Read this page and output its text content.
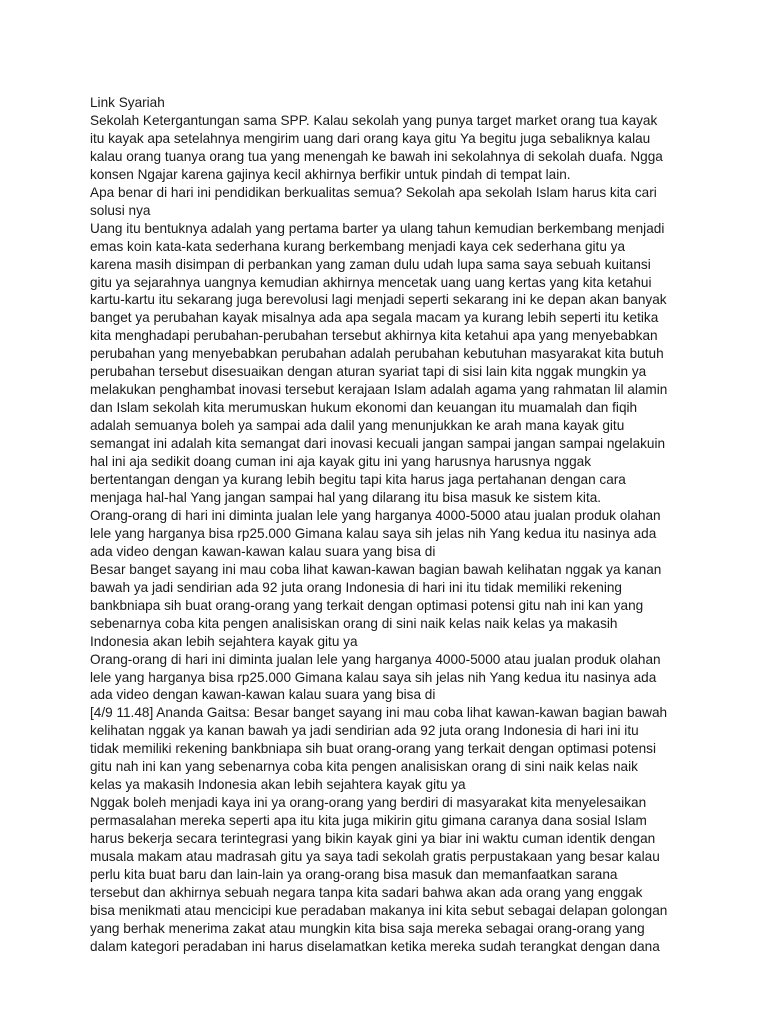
Link Syariah
Sekolah Ketergantungan sama SPP. Kalau sekolah yang punya target market orang tua kayak
itu kayak apa setelahnya mengirim uang dari orang kaya gitu Ya begitu juga sebaliknya kalau
kalau orang tuanya orang tua yang menengah ke bawah ini sekolahnya di sekolah duafa. Ngga
konsen Ngajar karena gajinya kecil akhirnya berfikir untuk pindah di tempat lain.
Apa benar di hari ini pendidikan berkualitas semua? Sekolah apa sekolah Islam harus kita cari
solusi nya
Uang itu bentuknya adalah yang pertama barter ya ulang tahun kemudian berkembang menjadi
emas koin kata-kata sederhana kurang berkembang menjadi kaya cek sederhana gitu ya
karena masih disimpan di perbankan yang zaman dulu udah lupa sama saya sebuah kuitansi
gitu ya sejarahnya uangnya kemudian akhirnya mencetak uang uang kertas yang kita ketahui
kartu-kartu itu sekarang juga berevolusi lagi menjadi seperti sekarang ini ke depan akan banyak
banget ya perubahan kayak misalnya ada apa segala macam ya kurang lebih seperti itu ketika
kita menghadapi perubahan-perubahan tersebut akhirnya kita ketahui apa yang menyebabkan
perubahan yang menyebabkan perubahan adalah perubahan kebutuhan masyarakat kita butuh
perubahan tersebut disesuaikan dengan aturan syariat tapi di sisi lain kita nggak mungkin ya
melakukan penghambat inovasi tersebut kerajaan Islam adalah agama yang rahmatan lil alamin
dan Islam sekolah kita merumuskan hukum ekonomi dan keuangan itu muamalah dan fiqih
adalah semuanya boleh ya sampai ada dalil yang menunjukkan ke arah mana kayak gitu
semangat ini adalah kita semangat dari inovasi kecuali jangan sampai jangan sampai ngelakuin
hal ini aja sedikit doang cuman ini aja kayak gitu ini yang harusnya harusnya nggak
bertentangan dengan ya kurang lebih begitu tapi kita harus jaga pertahanan dengan cara
menjaga hal-hal Yang jangan sampai hal yang dilarang itu bisa masuk ke sistem kita.
Orang-orang di hari ini diminta jualan lele yang harganya 4000-5000 atau jualan produk olahan
lele yang harganya bisa rp25.000 Gimana kalau saya sih jelas nih Yang kedua itu nasinya ada
ada video dengan kawan-kawan kalau suara yang bisa di
Besar banget sayang ini mau coba lihat kawan-kawan bagian bawah kelihatan nggak ya kanan
bawah ya jadi sendirian ada 92 juta orang Indonesia di hari ini itu tidak memiliki rekening
bankbniapa sih buat orang-orang yang terkait dengan optimasi potensi gitu nah ini kan yang
sebenarnya coba kita pengen analisiskan orang di sini naik kelas naik kelas ya makasih
Indonesia akan lebih sejahtera kayak gitu ya
Orang-orang di hari ini diminta jualan lele yang harganya 4000-5000 atau jualan produk olahan
lele yang harganya bisa rp25.000 Gimana kalau saya sih jelas nih Yang kedua itu nasinya ada
ada video dengan kawan-kawan kalau suara yang bisa di
[4/9 11.48] Ananda Gaitsa: Besar banget sayang ini mau coba lihat kawan-kawan bagian bawah
kelihatan nggak ya kanan bawah ya jadi sendirian ada 92 juta orang Indonesia di hari ini itu
tidak memiliki rekening bankbniapa sih buat orang-orang yang terkait dengan optimasi potensi
gitu nah ini kan yang sebenarnya coba kita pengen analisiskan orang di sini naik kelas naik
kelas ya makasih Indonesia akan lebih sejahtera kayak gitu ya
Nggak boleh menjadi kaya ini ya orang-orang yang berdiri di masyarakat kita menyelesaikan
permasalahan mereka seperti apa itu kita juga mikirin gitu gimana caranya dana sosial Islam
harus bekerja secara terintegrasi yang bikin kayak gini ya biar ini waktu cuman identik dengan
musala makam atau madrasah gitu ya saya tadi sekolah gratis perpustakaan yang besar kalau
perlu kita buat baru dan lain-lain ya orang-orang bisa masuk dan memanfaatkan sarana
tersebut dan akhirnya sebuah negara tanpa kita sadari bahwa akan ada orang yang enggak
bisa menikmati atau mencicipi kue peradaban makanya ini kita sebut sebagai delapan golongan
yang berhak menerima zakat atau mungkin kita bisa saja mereka sebagai orang-orang yang
dalam kategori peradaban ini harus diselamatkan ketika mereka sudah terangkat dengan dana
